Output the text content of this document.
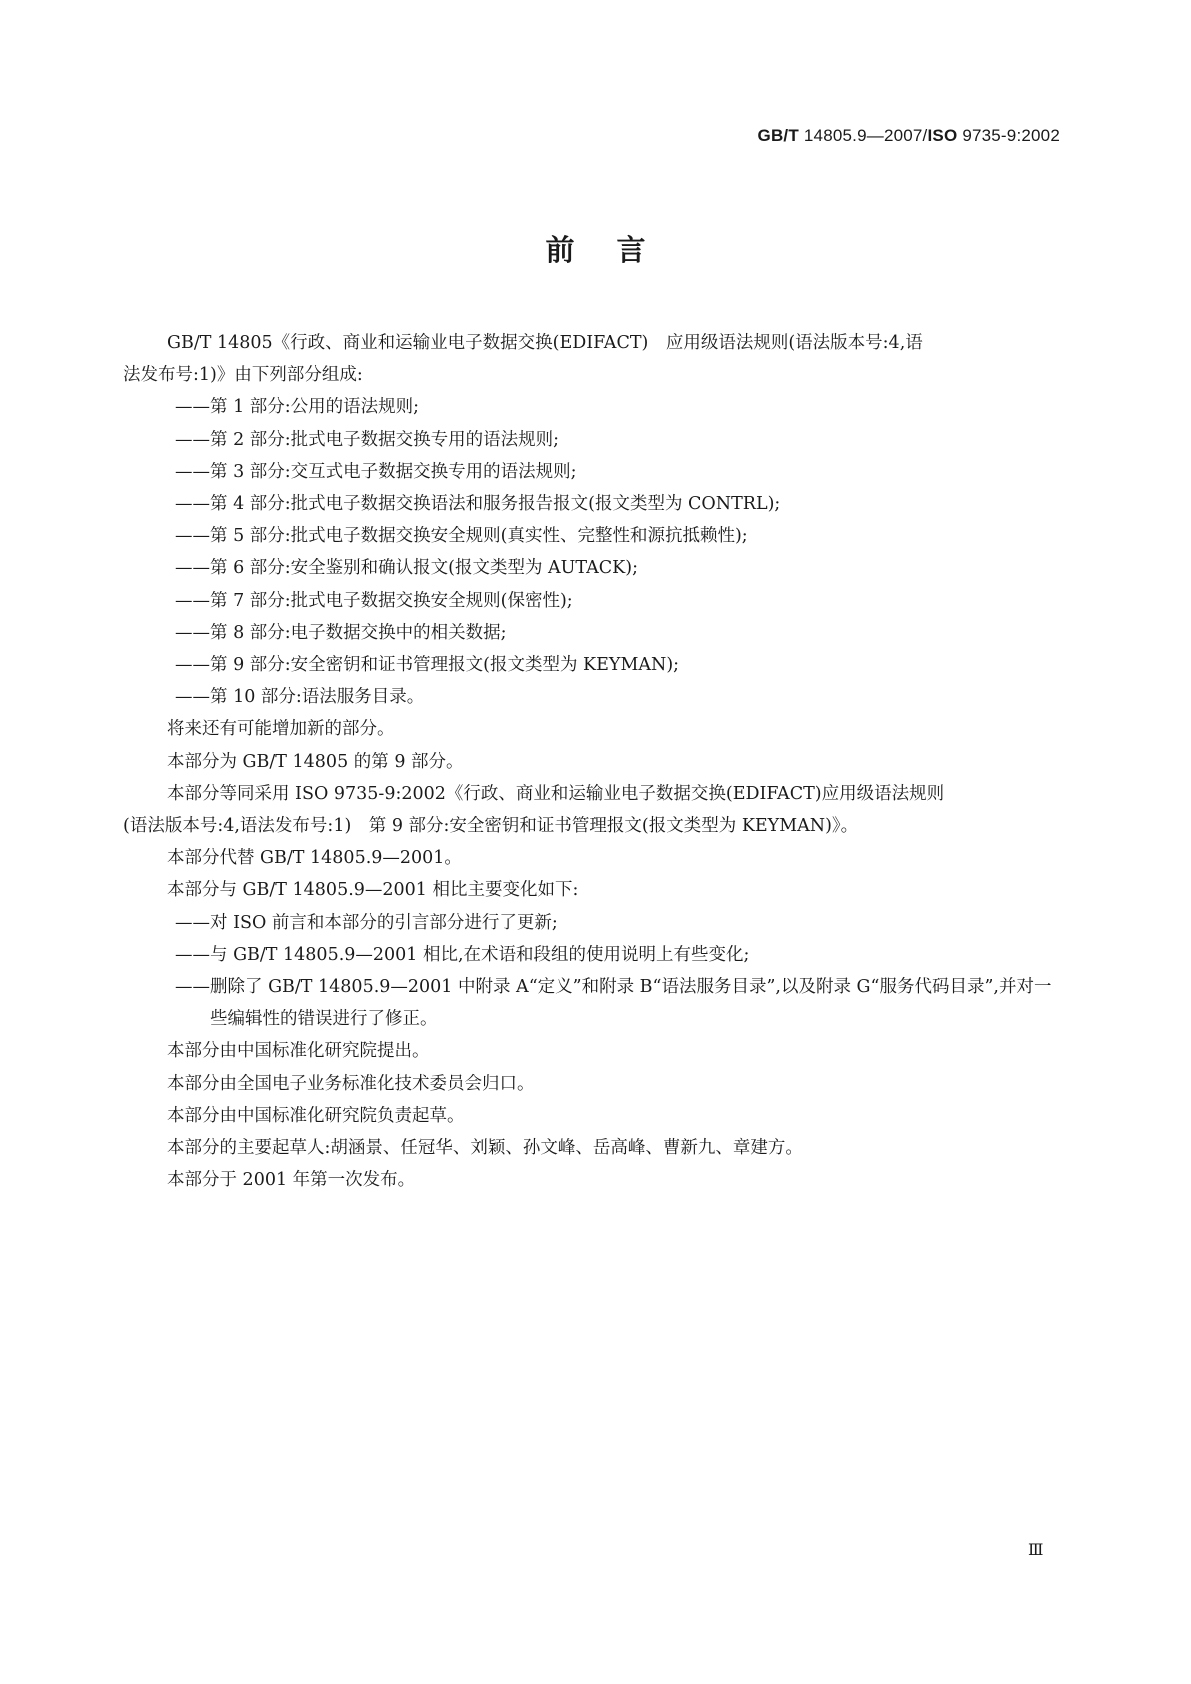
GB/T 14805.9—2007/ISO 9735-9:2002
前言

GB/T 14805《行政、商业和运输业电子数据交换(EDIFACT)　应用级语法规则(语法版本号:4,语

法发布号:1)》由下列部分组成:

——第 1 部分:公用的语法规则;

——第 2 部分:批式电子数据交换专用的语法规则;

——第 3 部分:交互式电子数据交换专用的语法规则;

——第 4 部分:批式电子数据交换语法和服务报告报文(报文类型为 CONTRL);

——第 5 部分:批式电子数据交换安全规则(真实性、完整性和源抗抵赖性);

——第 6 部分:安全鉴别和确认报文(报文类型为 AUTACK);

——第 7 部分:批式电子数据交换安全规则(保密性);

——第 8 部分:电子数据交换中的相关数据;

——第 9 部分:安全密钥和证书管理报文(报文类型为 KEYMAN);

——第 10 部分:语法服务目录。

将来还有可能增加新的部分。

本部分为 GB/T 14805 的第 9 部分。

本部分等同采用 ISO 9735-9:2002《行政、商业和运输业电子数据交换(EDIFACT)应用级语法规则

(语法版本号:4,语法发布号:1)　第 9 部分:安全密钥和证书管理报文(报文类型为 KEYMAN)》。

本部分代替 GB/T 14805.9—2001。

本部分与 GB/T 14805.9—2001 相比主要变化如下:

——对 ISO 前言和本部分的引言部分进行了更新;

——与 GB/T 14805.9—2001 相比,在术语和段组的使用说明上有些变化;

——删除了 GB/T 14805.9—2001 中附录 A“定义”和附录 B“语法服务目录”,以及附录 G“服务代码目录”,并对一些编辑性的错误进行了修正。

本部分由中国标准化研究院提出。

本部分由全国电子业务标准化技术委员会归口。

本部分由中国标准化研究院负责起草。

本部分的主要起草人:胡涵景、任冠华、刘颖、孙文峰、岳高峰、曹新九、章建方。

本部分于 2001 年第一次发布。

Ⅲ
